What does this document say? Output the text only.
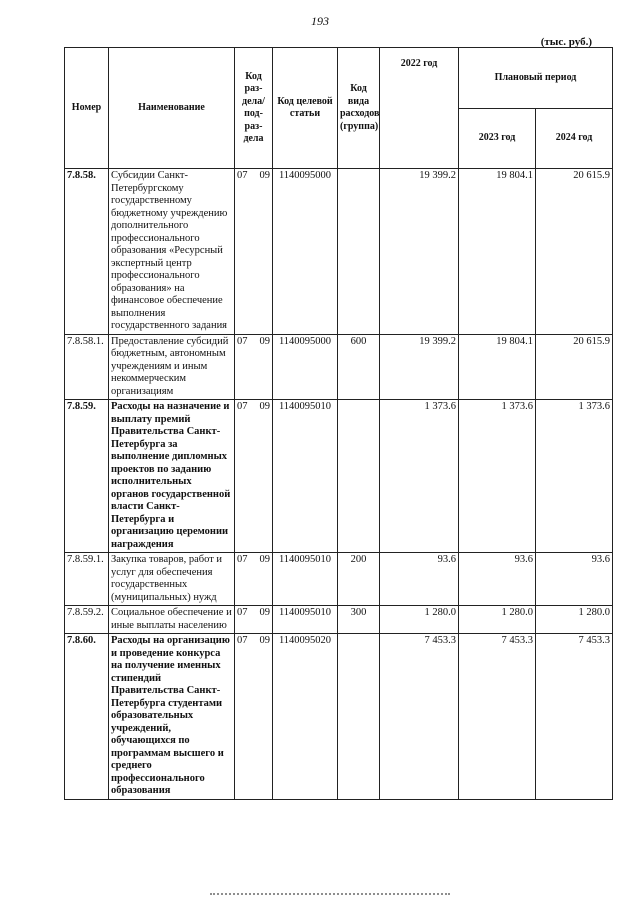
193
(тыс. руб.)
Номер	Наименование	Код раз-дела/ под-раз-дела	Код целевой статьи	Код вида расходов (группа)	2022 год	Плановый период	
						2023 год	2024 год
7.8.58.	Субсидии Санкт-Петербургскому государственному бюджетному учреждению дополнительного профессионального образования «Ресурсный экспертный центр профессионального образования» на финансовое обеспечение выполнения государственного задания	07 09	1140095000		19 399.2	19 804.1	20 615.9
7.8.58.1.	Предоставление субсидий бюджетным, автономным учреждениям и иным некоммерческим организациям	07 09	1140095000	600	19 399.2	19 804.1	20 615.9
7.8.59.	Расходы на назначение и выплату премий Правительства Санкт-Петербурга за выполнение дипломных проектов по заданию исполнительных органов государственной власти Санкт-Петербурга и организацию церемонии награждения	07 09	1140095010		1 373.6	1 373.6	1 373.6
7.8.59.1.	Закупка товаров, работ и услуг для обеспечения государственных (муниципальных) нужд	07 09	1140095010	200	93.6	93.6	93.6
7.8.59.2.	Социальное обеспечение и иные выплаты населению	07 09	1140095010	300	1 280.0	1 280.0	1 280.0
7.8.60.	Расходы на организацию и проведение конкурса на получение именных стипендий Правительства Санкт-Петербурга студентами образовательных учреждений, обучающихся по программам высшего и среднего профессионального образования	07 09	1140095020		7 453.3	7 453.3	7 453.3
